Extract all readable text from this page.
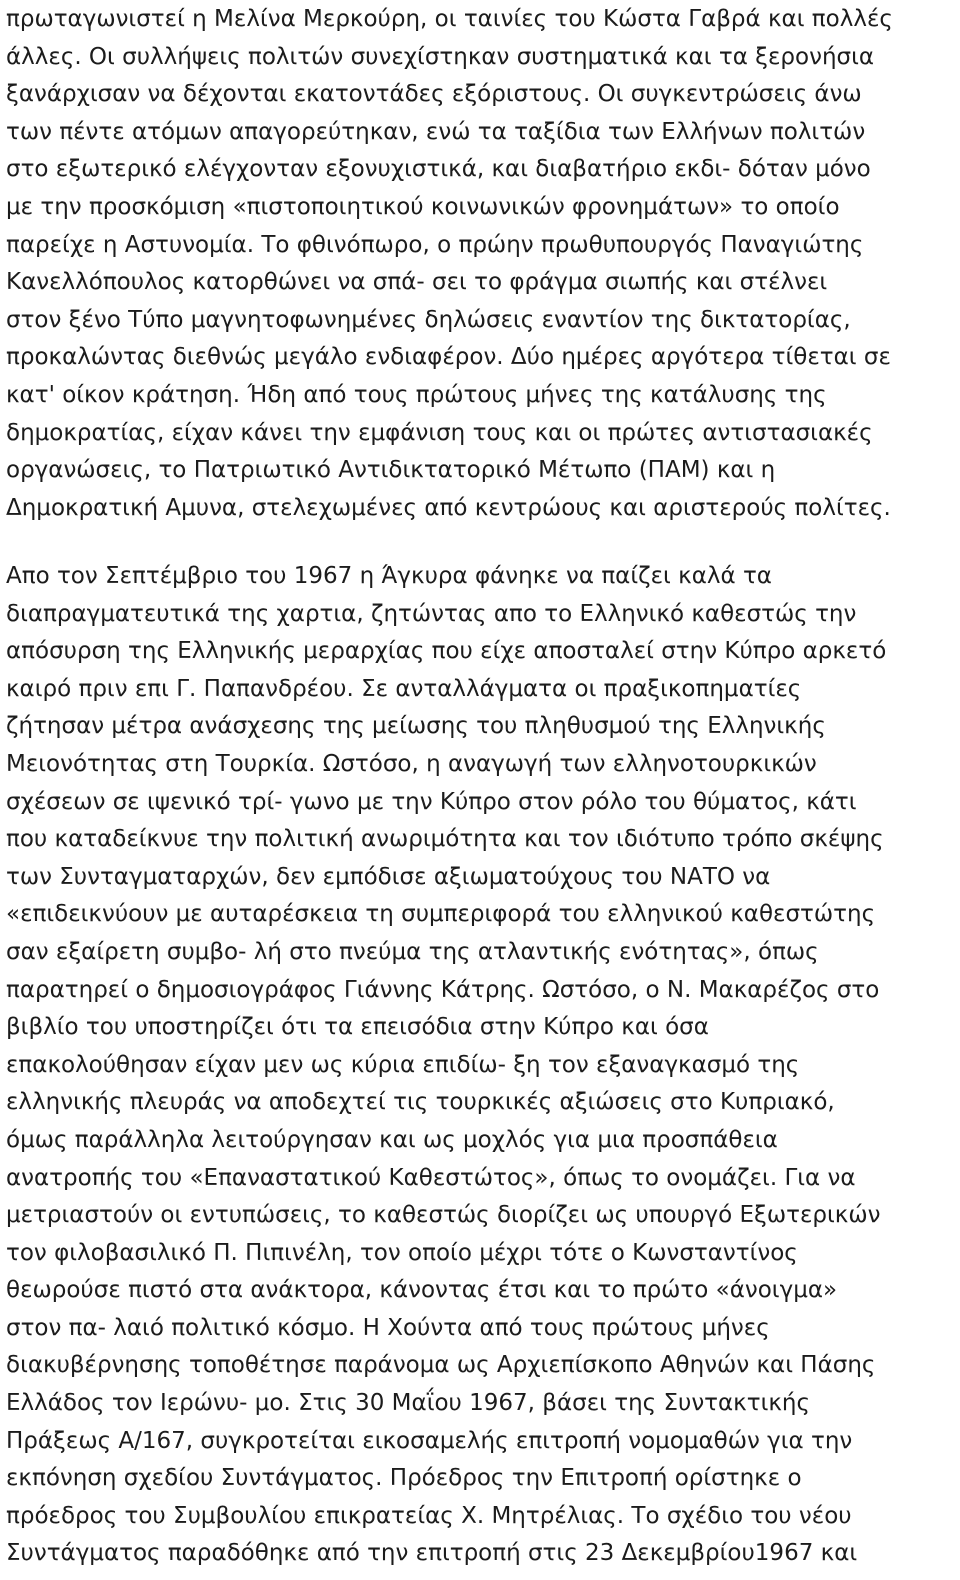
πρωταγωνιστεί η Μελίνα Μερκούρη, οι ταινίες του Κώστα Γαβρά και πολλές

άλλες. Οι συλλήψεις πολιτών συνεχίστηκαν συστηματικά και τα ξερονήσια

ξανάρχισαν να δέχονται εκατοντάδες εξόριστους. Οι συγκεντρώσεις άνω

των πέντε ατόμων απαγορεύτηκαν, ενώ τα ταξίδια των Ελλήνων πολιτών

στο εξωτερικό ελέγχονταν εξονυχιστικά, και διαβατήριο εκδι- δόταν μόνο

με την προσκόμιση «πιστοποιητικού κοινωνικών φρονημάτων» το οποίο

παρείχε η Αστυνομία. Το φθινόπωρο, ο πρώην πρωθυπουργός Παναγιώτης

Κανελλόπουλος κατορθώνει να σπά- σει το φράγμα σιωπής και στέλνει

στον ξένο Τύπο μαγνητοφωνημένες δηλώσεις εναντίον της δικτατορίας,

προκαλώντας διεθνώς μεγάλο ενδιαφέρον. Δύο ημέρες αργότερα τίθεται σε

κατ' οίκον κράτηση. Ήδη από τους πρώτους μήνες της κατάλυσης της

δημοκρατίας, είχαν κάνει την εμφάνιση τους και οι πρώτες αντιστασιακές

οργανώσεις, το Πατριωτικό Αντιδικτατορικό Μέτωπο (ΠΑΜ) και η

Δημοκρατική Αμυνα, στελεχωμένες από κεντρώους και αριστερούς πολίτες.

Απο τον Σεπτέμβριο του 1967 η Άγκυρα φάνηκε να παίζει καλά τα

διαπραγματευτικά της χαρτια, ζητώντας απο το Ελληνικό καθεστώς την

απόσυρση της Ελληνικής μεραρχίας που είχε αποσταλεί στην Κύπρο αρκετό

καιρό πριν επι Γ. Παπανδρέου. Σε ανταλλάγματα οι πραξικοπηματίες

ζήτησαν μέτρα ανάσχεσης της μείωσης του πληθυσμού της Ελληνικής

Μειονότητας στη Τουρκία. Ωστόσο, η αναγωγή των ελληνοτουρκικών

σχέσεων σε ιψενικό τρί- γωνο με την Κύπρο στον ρόλο του θύματος, κάτι

που καταδείκνυε την πολιτική ανωριμότητα και τον ιδιότυπο τρόπο σκέψης

των Συνταγματαρχών, δεν εμπόδισε αξιωματούχους του ΝΑΤΟ να

«επιδεικνύουν με αυταρέσκεια τη συμπεριφορά του ελληνικού καθεστώτης

σαν εξαίρετη συμβο- λή στο πνεύμα της ατλαντικής ενότητας», όπως

παρατηρεί ο δημοσιογράφος Γιάννης Κάτρης. Ωστόσο, ο Ν. Μακαρέζος στο

βιβλίο του υποστηρίζει ότι τα επεισόδια στην Κύπρο και όσα

επακολούθησαν είχαν μεν ως κύρια επιδίω- ξη τον εξαναγκασμό της

ελληνικής πλευράς να αποδεχτεί τις τουρκικές αξιώσεις στο Κυπριακό,

όμως παράλληλα λειτούργησαν και ως μοχλός για μια προσπάθεια

ανατροπής του «Επαναστατικού Καθεστώτος», όπως το ονομάζει. Για να

μετριαστούν οι εντυπώσεις, το καθεστώς διορίζει ως υπουργό Εξωτερικών

τον φιλοβασιλικό Π. Πιπινέλη, τον οποίο μέχρι τότε ο Κωνσταντίνος

θεωρούσε πιστό στα ανάκτορα, κάνοντας έτσι και το πρώτο «άνοιγμα»

στον πα- λαιό πολιτικό κόσμο. Η Χούντα από τους πρώτους μήνες

διακυβέρνησης τοποθέτησε παράνομα ως Αρχιεπίσκοπο Αθηνών και Πάσης

Ελλάδος τον Ιερώνυ- μο. Στις 30 Μαΐου 1967, βάσει της Συντακτικής

Πράξεως Α/167, συγκροτείται εικοσαμελής επιτροπή νομομαθών για την

εκπόνηση σχεδίου Συντάγματος. Πρόεδρος την Επιτροπή ορίστηκε ο

πρόεδρος του Συμβουλίου επικρατείας Χ. Μητρέλιας. Το σχέδιο του νέου

Συντάγματος παραδόθηκε από την επιτροπή στις 23 Δεκεμβρίου1967 και
